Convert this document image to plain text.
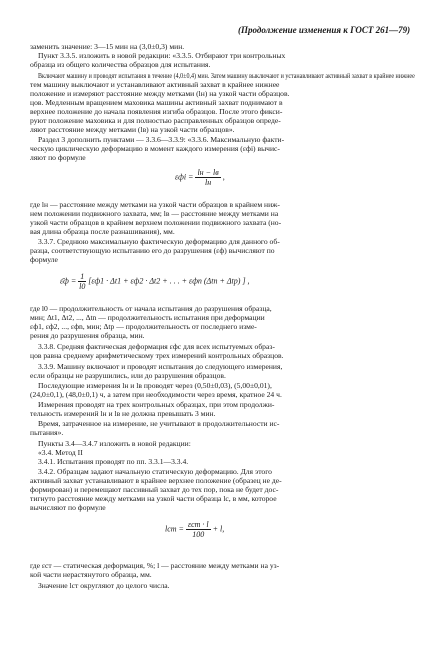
(Продолжение изменения к ГОСТ 261—79)
заменить значение: 3—15 мин на (3,0±0,3) мин.
Пункт 3.3.5. изложить в новой редакции: «3.3.5. Отбирают три контрольных
образца из общего количества образцов для испытания.
Включают машину и проводят испытания в течение (4,0±0,4) мин. Затем машину выключают и устанавливают активный захват в крайнее нижнее
тем машину выключают и устанавливают активный захват в крайнее нижнее
положение и измеряют расстояние между метками (lн) на узкой части образцов.
цов. Медленным вращением маховика машины активный захват поднимают в
верхнее положение до начала появления изгиба образцов. После этого фикси-
руют положение маховика и для полностью расправленных образцов опреде-
ляют расстояние между метками (lв) на узкой части образцов».
Раздел 3 дополнить пунктами — 3.3.6—3.3.9: «3.3.6. Максимальную факти-
ческую циклическую деформацию в момент каждого измерения (εфi) вычис-
ляют по формуле
где lн — расстояние между метками на узкой части образцов в крайнем ниж-
нем положении подвижного захвата, мм; lв — расстояние между метками на
узкой части образцов в крайнем верхнем положении подвижного захвата (но-
вая длина образца после разнашивания), мм.
3.3.7. Среднюю максимальную фактическую деформацию для данного об-
разца, соответствующую испытанию его до разрушения (εф) вычисляют по
формуле
где l0 — продолжительность от начала испытания до разрушения образца,
мин; Δt1, Δt2, ..., Δtn — продолжительность испытания при деформации
εф1, εф2, ..., εфn, мин; Δtр — продолжительность от последнего изме-
рения до разрушения образца, мин.
3.3.8. Средняя фактическая деформация εфс для всех испытуемых образ-
цов равна среднему арифметическому трех измерений контрольных образцов.
3.3.9. Машину включают и проводят испытания до следующего измерения,
если образцы не разрушились, или до разрушения образцов.
Последующие измерения lн и lв проводят через (0,50±0,03), (5,00±0,01),
(24,0±0,1), (48,0±0,1) ч, а затем при необходимости через время, кратное 24 ч.
Измерения проводят на трех контрольных образцах, при этом продолжи-
тельность измерений lн и lв не должна превышать 3 мин.
Время, затраченное на измерение, не учитывают в продолжительности ис-
пытания».
Пункты 3.4—3.4.7 изложить в новой редакции:
«3.4. Метод II
3.4.1. Испытания проводят по пп. 3.3.1—3.3.4.
3.4.2. Образцам задают начальную статическую деформацию. Для этого
активный захват устанавливают в крайнее верхнее положение (образец не де-
формирован) и перемещают пассивный захват до тех пор, пока не будет дос-
тигнуто расстояние между метками на узкой части образца lс, в мм, которое
вычисляют по формуле
где εст — статическая деформация, %; l — расстояние между метками на уз-
кой части нерастянутого образца, мм.
Значение lст округляют до целого числа.
$\varepsilon фi = \frac{lн - lв}{lн}$ ,
ε̄ф = $\frac{1}{l0} [\varepsilon ф1 \cdot \Delta t1 + \varepsilon ф2 \cdot \Delta t2$ + . . . + εфn (Δtn + Δtр) ] ,
lст = $\frac{\text{εст · l}}{100} + l$,
